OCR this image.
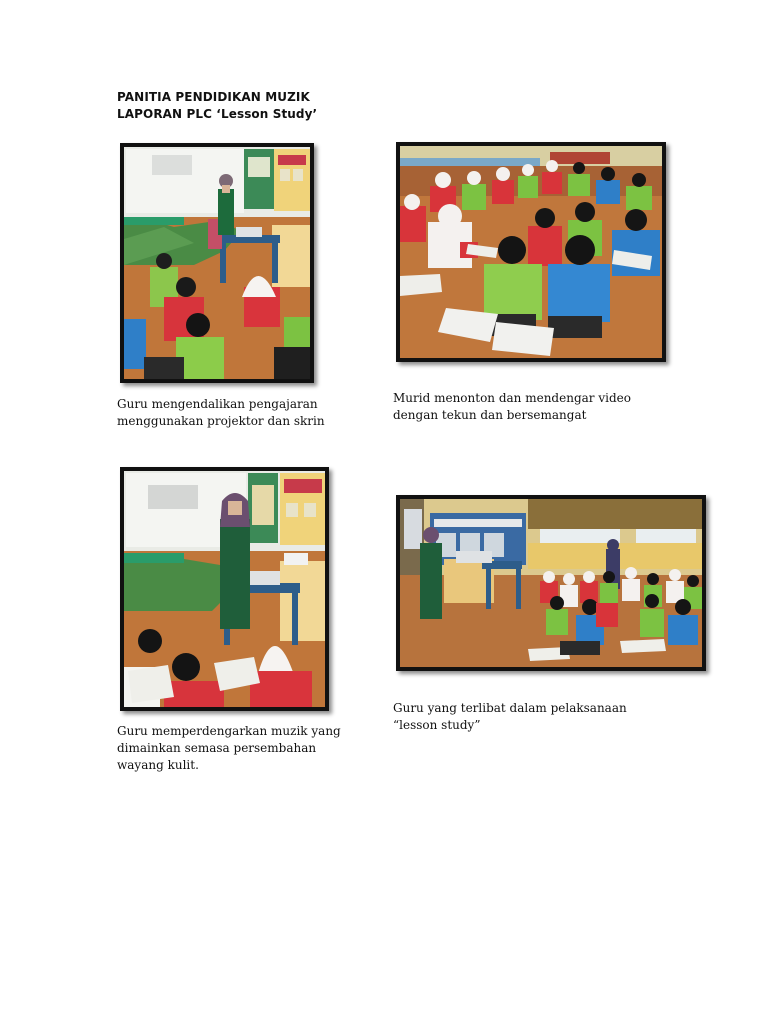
PANITIA PENDIDIKAN MUZIK
LAPORAN PLC ‘Lesson Study’
Guru mengendalikan pengajaran
menggunakan projektor dan skrin
Murid menonton dan mendengar video
dengan tekun dan bersemangat
Guru memperdengarkan muzik yang
dimainkan semasa persembahan
wayang kulit.
Guru yang terlibat dalam pelaksanaan
“lesson study”
